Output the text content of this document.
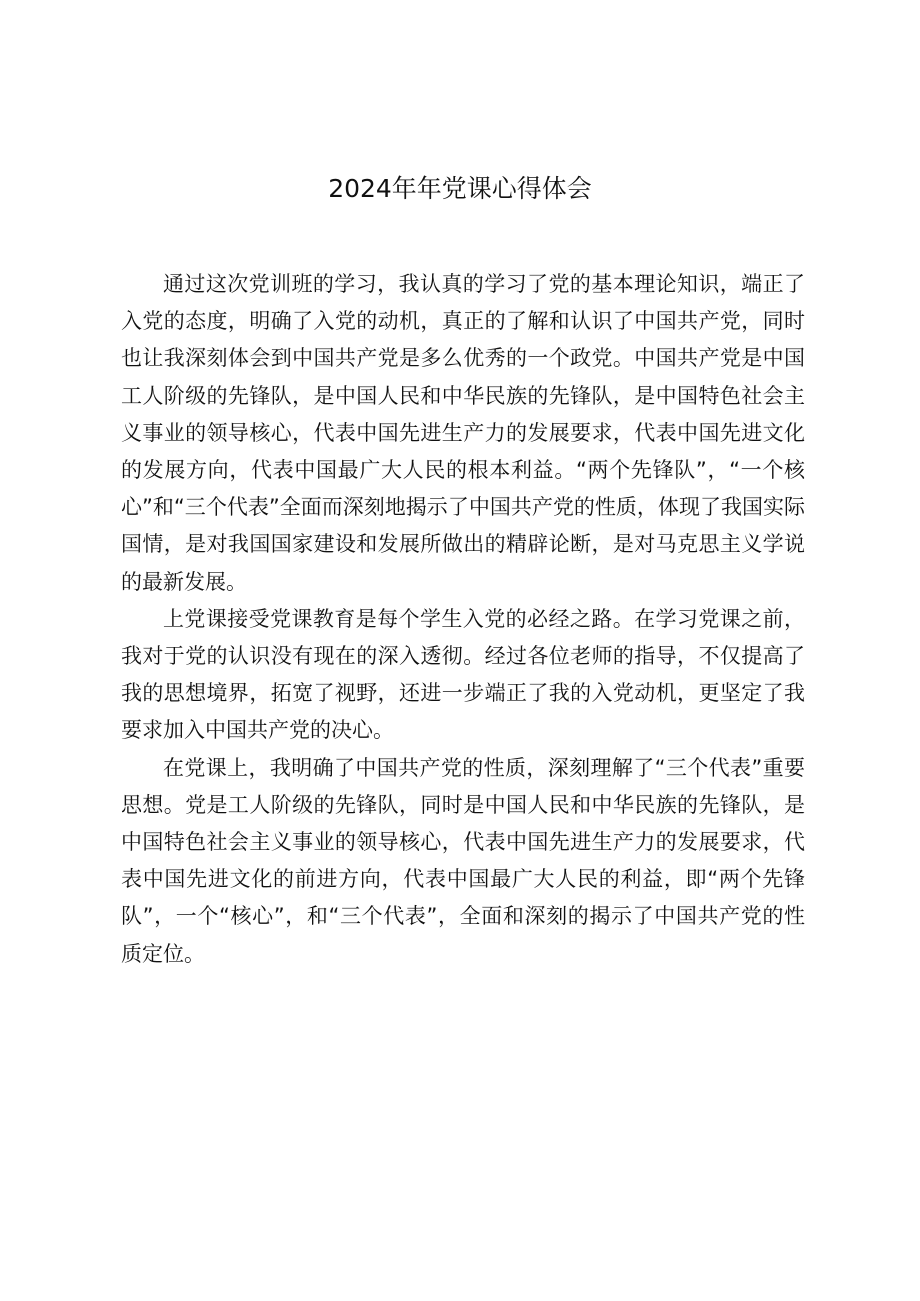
2024年年党课心得体会

通过这次党训班的学习，我认真的学习了党的基本理论知识，端正了入党的态度，明确了入党的动机，真正的了解和认识了中国共产党，同时也让我深刻体会到中国共产党是多么优秀的一个政党。中国共产党是中国工人阶级的先锋队，是中国人民和中华民族的先锋队，是中国特色社会主义事业的领导核心，代表中国先进生产力的发展要求，代表中国先进文化的发展方向，代表中国最广大人民的根本利益。“两个先锋队”，“一个核心”和“三个代表”全面而深刻地揭示了中国共产党的性质，体现了我国实际国情，是对我国国家建设和发展所做出的精辟论断，是对马克思主义学说的最新发展。

上党课接受党课教育是每个学生入党的必经之路。在学习党课之前，我对于党的认识没有现在的深入透彻。经过各位老师的指导，不仅提高了我的思想境界，拓宽了视野，还进一步端正了我的入党动机，更坚定了我要求加入中国共产党的决心。

在党课上，我明确了中国共产党的性质，深刻理解了“三个代表”重要思想。党是工人阶级的先锋队，同时是中国人民和中华民族的先锋队，是中国特色社会主义事业的领导核心，代表中国先进生产力的发展要求，代表中国先进文化的前进方向，代表中国最广大人民的利益，即“两个先锋队”，一个“核心”，和“三个代表”，全面和深刻的揭示了中国共产党的性质定位。
